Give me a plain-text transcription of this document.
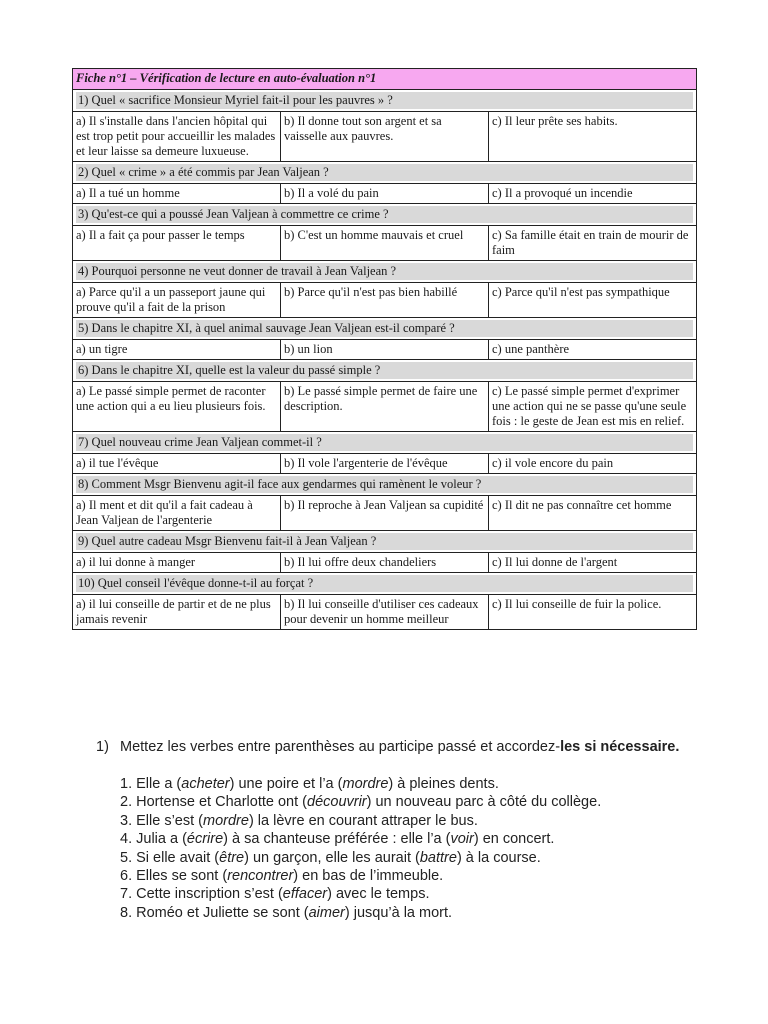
Fiche n°1 – Vérification de lecture en auto-évaluation n°1		

1) Quel « sacrifice Monsieur Myriel fait-il pour les pauvres » ?		

a) Il s'installe dans l'ancien hôpital qui est trop petit pour accueillir les malades et leur laisse sa demeure luxueuse.	b) Il donne tout son argent et sa vaisselle aux pauvres.	c) Il leur prête ses habits.

2) Quel « crime » a été commis par Jean Valjean ?		

a) Il a tué un homme	b) Il a volé du pain	c) Il a provoqué un incendie

3) Qu'est-ce qui a poussé Jean Valjean à commettre ce crime ?		

a) Il a fait ça pour passer le temps	b) C'est un homme mauvais et cruel	c) Sa famille était en train de mourir de faim

4) Pourquoi personne ne veut donner de travail à Jean Valjean ?		

a) Parce qu'il a un passeport jaune qui prouve qu'il a fait de la prison	b) Parce qu'il n'est pas bien habillé	c) Parce qu'il n'est pas sympathique

5) Dans le chapitre XI, à quel animal sauvage Jean Valjean est-il comparé ?		

a) un tigre	b) un lion	c) une panthère

6) Dans le chapitre XI, quelle est la valeur du passé simple ?		

a) Le passé simple permet de raconter une action qui a eu lieu plusieurs fois.	b) Le passé simple permet de faire une description.	c) Le passé simple permet d'exprimer une action qui ne se passe qu'une seule fois : le geste de Jean est mis en relief.

7) Quel nouveau crime Jean Valjean commet-il ?		

a) il tue l'évêque	b) Il vole l'argenterie de l'évêque	c) il vole encore du pain

8) Comment Msgr Bienvenu agit-il face aux gendarmes qui ramènent le voleur ?		

a) Il ment et dit qu'il a fait cadeau à Jean Valjean de l'argenterie	b) Il reproche à Jean Valjean sa cupidité	c) Il dit ne pas connaître cet homme

9) Quel autre cadeau Msgr Bienvenu fait-il à Jean Valjean ?		

a) il lui donne à manger	b) Il lui offre deux chandeliers	c) Il lui donne de l'argent

10) Quel conseil l'évêque donne-t-il au forçat ?		

a) il lui conseille de partir et de ne plus jamais revenir	b) Il lui conseille d'utiliser ces cadeaux pour devenir un homme meilleur	c) Il lui conseille de fuir la police.
1) Mettez les verbes entre parenthèses au participe passé et accordez-les si nécessaire.
1. Elle a (acheter) une poire et l’a (mordre) à pleines dents.
2. Hortense et Charlotte ont (découvrir) un nouveau parc à côté du collège.
3. Elle s’est (mordre) la lèvre en courant attraper le bus.
4. Julia a (écrire) à sa chanteuse préférée : elle l’a (voir) en concert.
5. Si elle avait (être) un garçon, elle les aurait (battre) à la course.
6. Elles se sont (rencontrer) en bas de l’immeuble.
7. Cette inscription s’est (effacer) avec le temps.
8. Roméo et Juliette se sont (aimer) jusqu’à la mort.
